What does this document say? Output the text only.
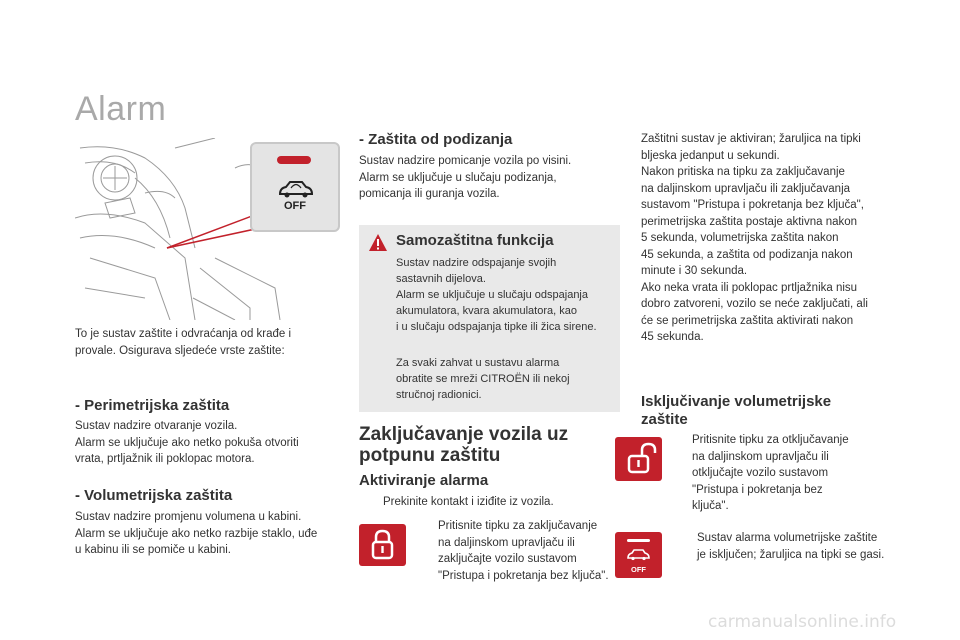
Alarm
OFF
To je sustav zaštite i odvraćanja od krađe i
provale. Osigurava sljedeće vrste zaštite:
- Perimetrijska zaštita
Sustav nadzire otvaranje vozila.
Alarm se uključuje ako netko pokuša otvoriti
vrata, prtljažnik ili poklopac motora.
- Volumetrijska zaštita
Sustav nadzire promjenu volumena u kabini.
Alarm se uključuje ako netko razbije staklo, uđe
u kabinu ili se pomiče u kabini.
- Zaštita od podizanja
Sustav nadzire pomicanje vozila po visini.
Alarm se uključuje u slučaju podizanja,
pomicanja ili guranja vozila.
Samozaštitna funkcija
Sustav nadzire odspajanje svojih
sastavnih dijelova.
Alarm se uključuje u slučaju odspajanja
akumulatora, kvara akumulatora, kao
i u slučaju odspajanja tipke ili žica sirene.
Za svaki zahvat u sustavu alarma
obratite se mreži CITROËN ili nekoj
stručnoj radionici.
Zaključavanje vozila uz
potpunu zaštitu
Aktiviranje alarma
Prekinite kontakt i iziđite iz vozila.
Pritisnite tipku za zaključavanje
na daljinskom upravljaču ili
zaključajte vozilo sustavom
"Pristupa i pokretanja bez ključa".
Zaštitni sustav je aktiviran; žaruljica na tipki
bljeska jedanput u sekundi.
Nakon pritiska na tipku za zaključavanje
na daljinskom upravljaču ili zaključavanja
sustavom "Pristupa i pokretanja bez ključa",
perimetrijska zaštita postaje aktivna nakon
5 sekunda, volumetrijska zaštita nakon
45 sekunda, a zaštita od podizanja nakon
minute i 30 sekunda.
Ako neka vrata ili poklopac prtljažnika nisu
dobro zatvoreni, vozilo se neće zaključati, ali
će se perimetrijska zaštita aktivirati nakon
45 sekunda.
Isključivanje volumetrijske
zaštite
Pritisnite tipku za otključavanje
na daljinskom upravljaču ili
otključajte vozilo sustavom
"Pristupa i pokretanja bez
ključa".
OFF
Sustav alarma volumetrijske zaštite
je isključen; žaruljica na tipki se gasi.
carmanualsonline.info
